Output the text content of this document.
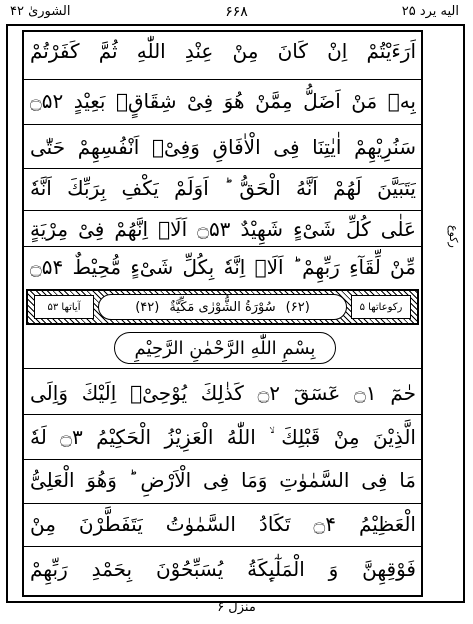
الشوریٰ ۴۲	۶۶۸	الیه یرد ۲۵
رکوع
اَرَءَیْتُمْ اِنْ كَانَ مِنْ عِنْدِ اللّٰهِ ثُمَّ كَفَرْتُمْ
بِهٖ مَنْ اَضَلُّ مِمَّنْ هُوَ فِیْ شِقَاقٍۢ بَعِیْدٍ ۝۵۲
سَنُرِیْهِمْ اٰیٰتِنَا فِی الْاٰفَاقِ وَفِیْۤ اَنْفُسِهِمْ حَتّٰى
یَتَبَیَّنَ لَهُمْ اَنَّهُ الْحَقُّ ؕ اَوَلَمْ یَكْفِ بِرَبِّكَ اَنَّهٗ
عَلٰى كُلِّ شَیْءٍ شَهِیْدٌ ۝۵۳ اَلَاۤ اِنَّهُمْ فِیْ مِرْیَةٍ
مِّنْ لِّقَآءِ رَبِّهِمْ ؕ اَلَاۤ اِنَّهٗ بِكُلِّ شَیْءٍ مُّحِیْطٌ ۝۵۴
آیاتها ۵۳	(۶۲)
سُوْرَةُ الشُّوْرٰى مَكِّيَّةٌ
(۴۲)	رکوعاتها ۵
بِسْمِ اللّٰهِ الرَّحْمٰنِ الرَّحِیْمِ
حٰمٓ ۝۱ عٓسٓقٓ ۝۲ كَذٰلِكَ یُوْحِیْۤ اِلَیْكَ وَاِلَى
الَّذِیْنَ مِنْ قَبْلِكَ ۙ اللّٰهُ الْعَزِیْزُ الْحَكِیْمُ ۝۳ لَهٗ
مَا فِی السَّمٰوٰتِ وَمَا فِی الْاَرْضِ ؕ وَهُوَ الْعَلِیُّ
الْعَظِیْمُ ۝۴ تَكَادُ السَّمٰوٰتُ یَتَفَطَّرْنَ مِنْ
فَوْقِهِنَّ وَ الْمَلٰٓىِٕكَةُ یُسَبِّحُوْنَ بِحَمْدِ رَبِّهِمْ
منزل ۶
